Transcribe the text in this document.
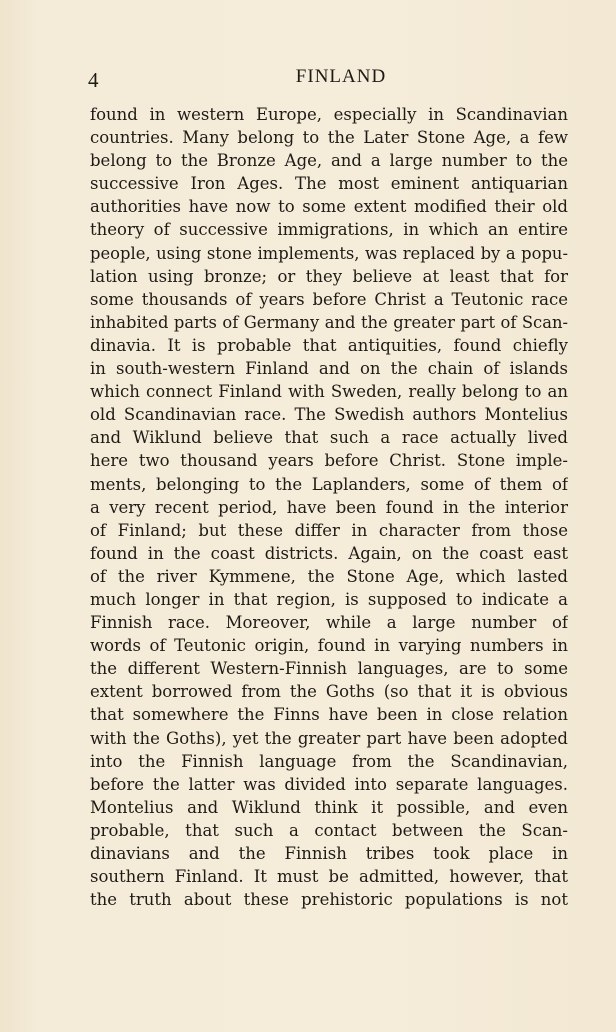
4	FINLAND
found in western Europe, especially in Scandinavian
countries. Many belong to the Later Stone Age, a few
belong to the Bronze Age, and a large number to the
successive Iron Ages. The most eminent antiquarian
authorities have now to some extent modified their old
theory of successive immigrations, in which an entire
people, using stone implements, was replaced by a popu-
lation using bronze; or they believe at least that for
some thousands of years before Christ a Teutonic race
inhabited parts of Germany and the greater part of Scan-
dinavia. It is probable that antiquities, found chiefly
in south-western Finland and on the chain of islands
which connect Finland with Sweden, really belong to an
old Scandinavian race. The Swedish authors Montelius
and Wiklund believe that such a race actually lived
here two thousand years before Christ. Stone imple-
ments, belonging to the Laplanders, some of them of
a very recent period, have been found in the interior
of Finland; but these differ in character from those
found in the coast districts. Again, on the coast east
of the river Kymmene, the Stone Age, which lasted
much longer in that region, is supposed to indicate a
Finnish race. Moreover, while a large number of
words of Teutonic origin, found in varying numbers in
the different Western-Finnish languages, are to some
extent borrowed from the Goths (so that it is obvious
that somewhere the Finns have been in close relation
with the Goths), yet the greater part have been adopted
into the Finnish language from the Scandinavian,
before the latter was divided into separate languages.
Montelius and Wiklund think it possible, and even
probable, that such a contact between the Scan-
dinavians and the Finnish tribes took place in
southern Finland. It must be admitted, however, that
the truth about these prehistoric populations is not
